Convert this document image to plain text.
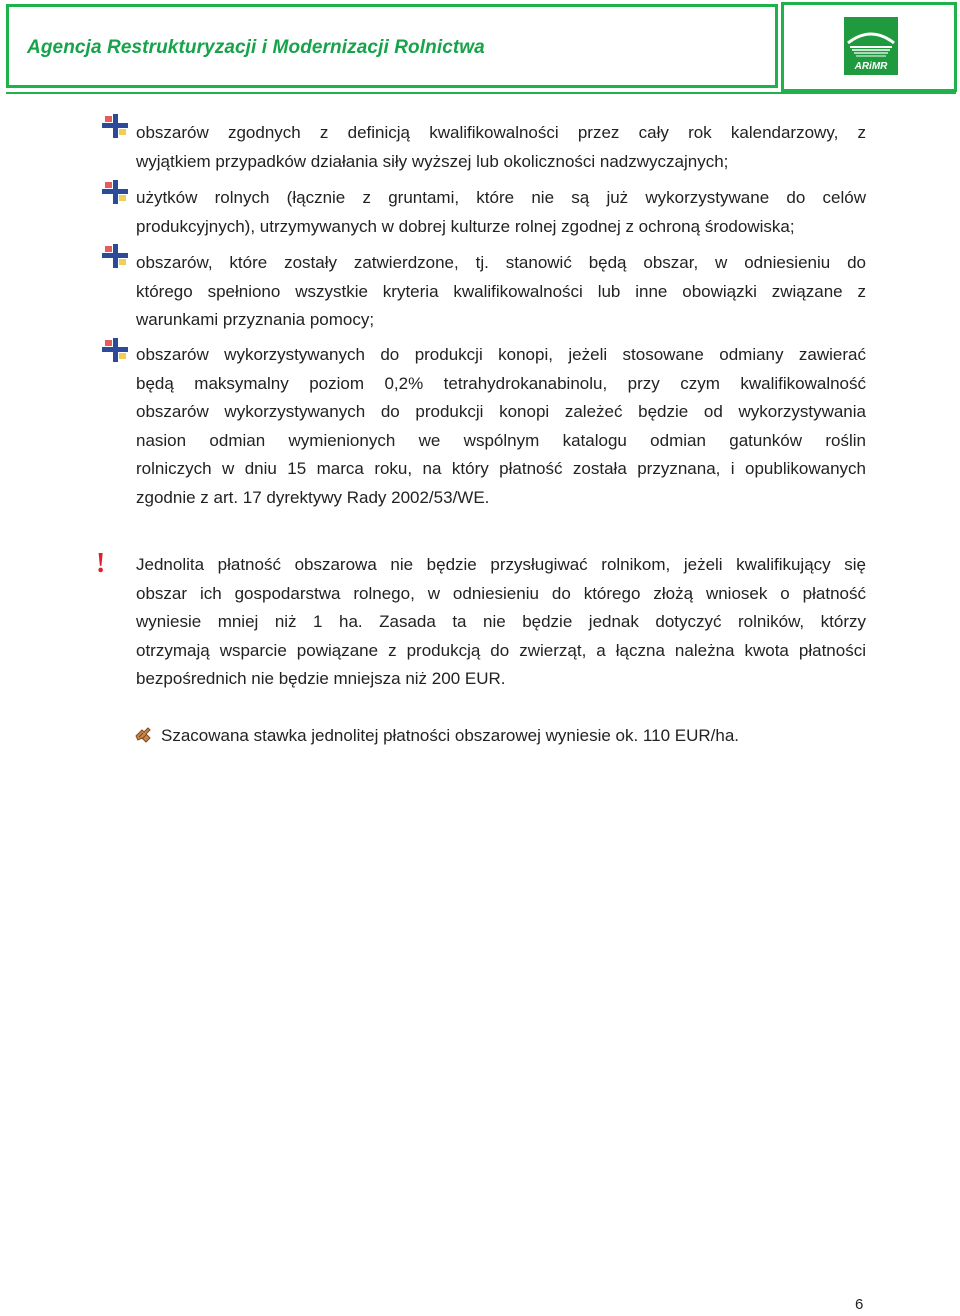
Agencja Restrukturyzacji i Modernizacji Rolnictwa
ARiMR
obszarów zgodnych z definicją kwalifikowalności przez cały rok kalendarzowy, z
wyjątkiem przypadków działania siły wyższej lub okoliczności nadzwyczajnych;
użytków rolnych (łącznie z gruntami, które nie są już wykorzystywane do celów
produkcyjnych), utrzymywanych w dobrej kulturze rolnej zgodnej z ochroną środowiska;
obszarów, które zostały zatwierdzone, tj. stanowić będą obszar, w odniesieniu do
którego spełniono wszystkie kryteria kwalifikowalności lub inne obowiązki związane z
warunkami przyznania pomocy;
obszarów wykorzystywanych do produkcji konopi, jeżeli stosowane odmiany zawierać
będą maksymalny poziom 0,2% tetrahydrokanabinolu, przy czym kwalifikowalność
obszarów wykorzystywanych do produkcji konopi zależeć będzie od wykorzystywania
nasion odmian wymienionych we wspólnym katalogu odmian gatunków roślin
rolniczych w dniu 15 marca roku, na który płatność została przyznana, i opublikowanych
zgodnie z art. 17 dyrektywy Rady 2002/53/WE.
! Jednolita płatność obszarowa nie będzie przysługiwać rolnikom, jeżeli kwalifikujący się
obszar ich gospodarstwa rolnego, w odniesieniu do którego złożą wniosek o płatność
wyniesie mniej niż 1 ha. Zasada ta nie będzie jednak dotyczyć rolników, którzy
otrzymają wsparcie powiązane z produkcją do zwierząt, a łączna należna kwota płatności
bezpośrednich nie będzie mniejsza niż 200 EUR.
Szacowana stawka jednolitej płatności obszarowej wyniesie ok. 110 EUR/ha.
6
